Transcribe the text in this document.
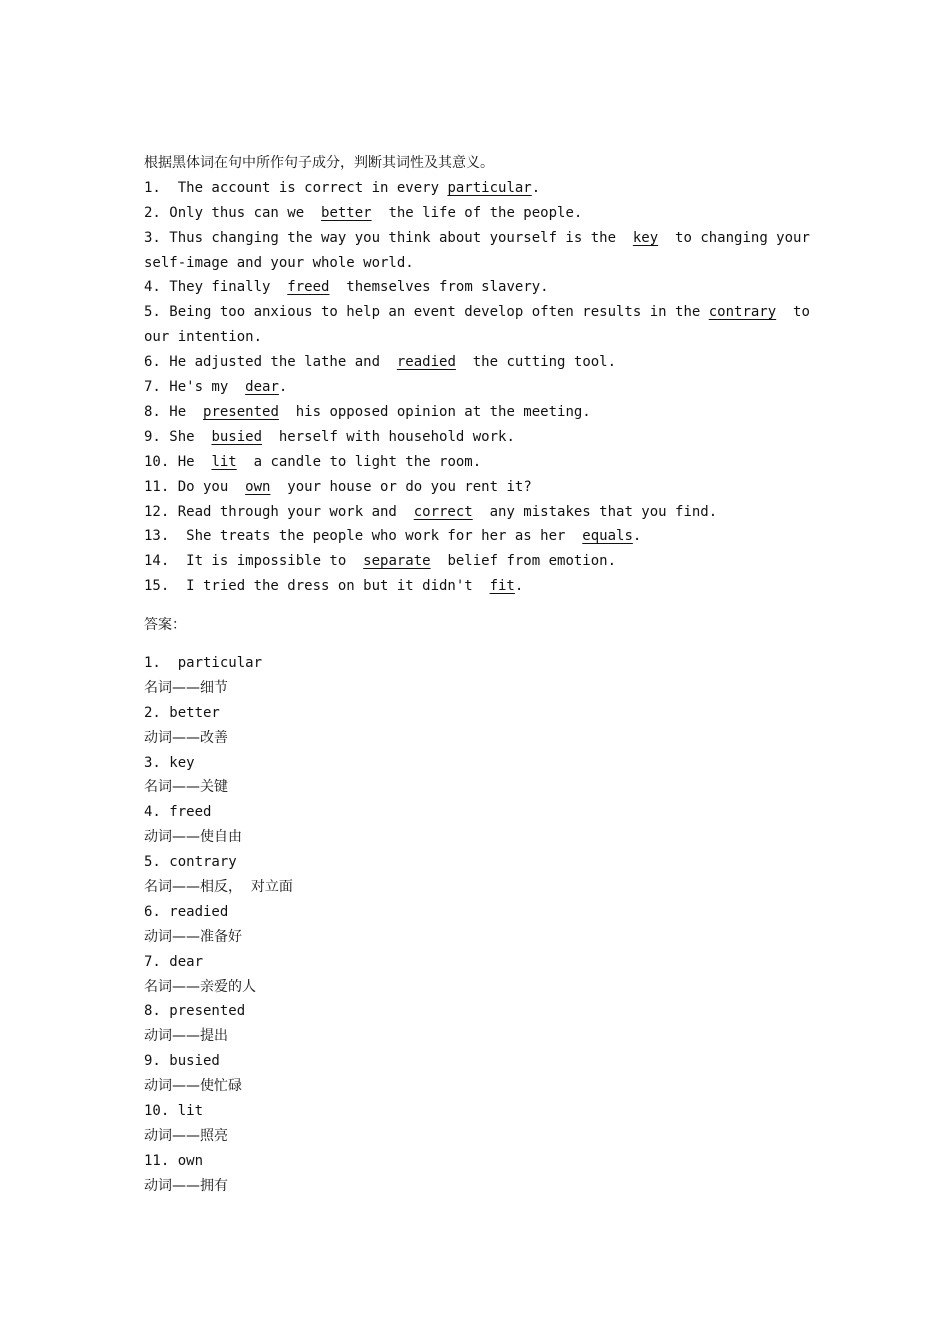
根据黑体词在句中所作句子成分，判断其词性及其意义。
1.  The account is correct in every particular.
2. Only thus can we  better  the life of the people.
3. Thus changing the way you think about yourself is the  key  to changing your self-image and your whole world.
4. They finally  freed  themselves from slavery.
5. Being too anxious to help an event develop often results in the contrary  to our intention.
6. He adjusted the lathe and  readied  the cutting tool.
7. He's my  dear.
8. He  presented  his opposed opinion at the meeting.
9. She  busied  herself with household work.
10. He  lit  a candle to light the room.
11. Do you  own  your house or do you rent it?
12. Read through your work and  correct  any mistakes that you find.
13.  She treats the people who work for her as her  equals.
14.  It is impossible to  separate  belief from emotion.
15.  I tried the dress on but it didn't  fit.
答案：
1.  particular
名词——细节
2. better
动词——改善
3. key
名词——关键
4. freed
动词——使自由
5. contrary
名词——相反，  对立面
6. readied
动词——准备好
7. dear
名词——亲爱的人
8. presented
动词——提出
9. busied
动词——使忙碌
10. lit
动词——照亮
11. own
动词——拥有
